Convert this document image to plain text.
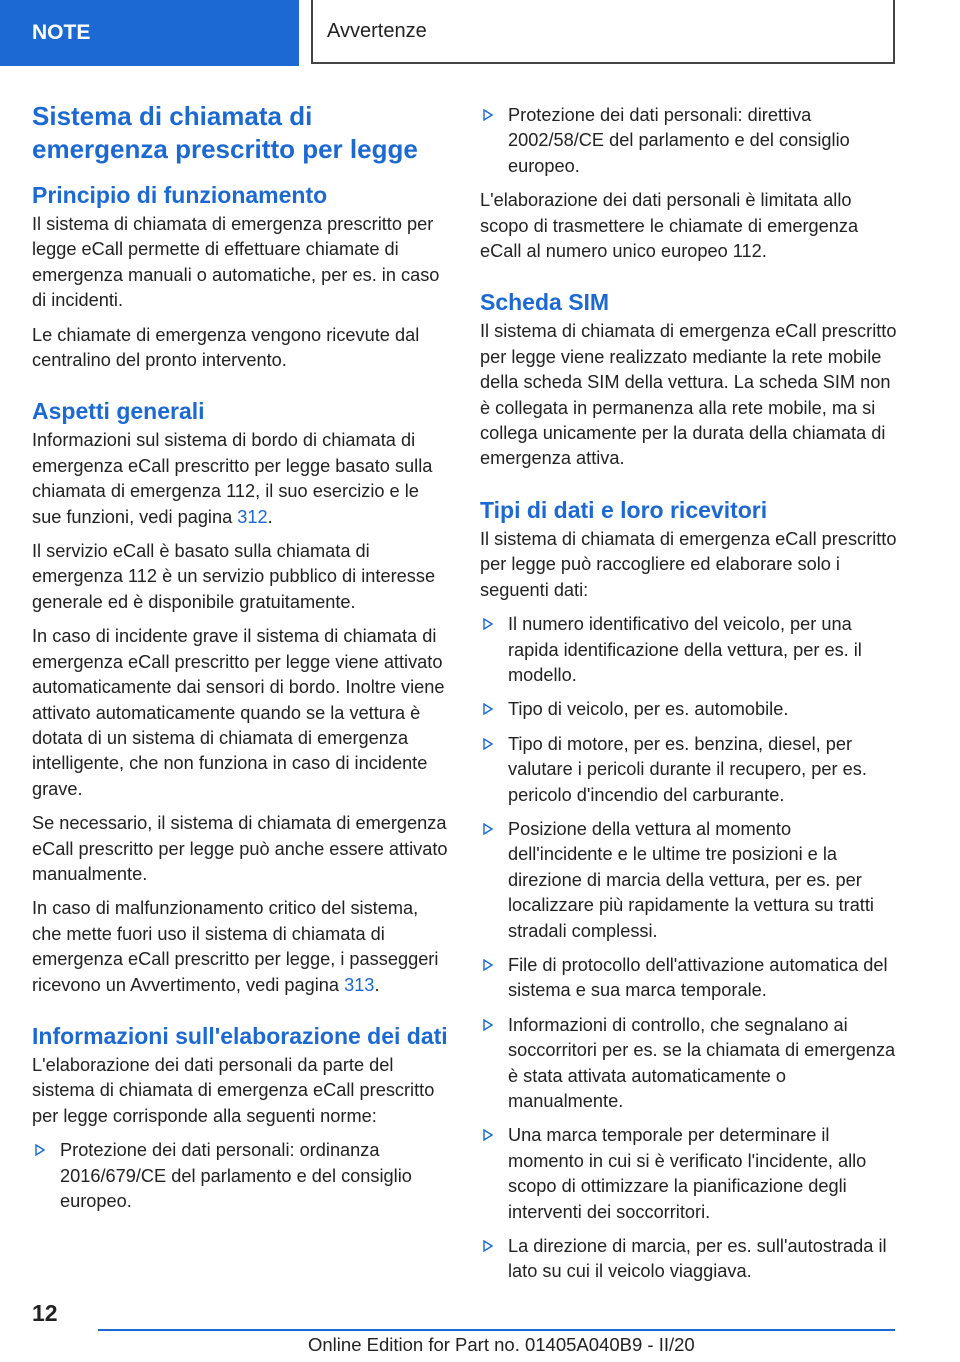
NOTE	Avvertenze
Sistema di chiamata di emergenza prescritto per legge
Principio di funzionamento

Il sistema di chiamata di emergenza prescritto per legge eCall permette di effettuare chiamate di emergenza manuali o automatiche, per es. in caso di incidenti.

Le chiamate di emergenza vengono ricevute dal centralino del pronto intervento.

Aspetti generali

Informazioni sul sistema di bordo di chiamata di emergenza eCall prescritto per legge basato sulla chiamata di emergenza 112, il suo esercizio e le sue funzioni, vedi pagina 312.

Il servizio eCall è basato sulla chiamata di emergenza 112 è un servizio pubblico di interesse generale ed è disponibile gratuitamente.

In caso di incidente grave il sistema di chiamata di emergenza eCall prescritto per legge viene attivato automaticamente dai sensori di bordo. Inoltre viene attivato automaticamente quando se la vettura è dotata di un sistema di chiamata di emergenza intelligente, che non funziona in caso di incidente grave.

Se necessario, il sistema di chiamata di emergenza eCall prescritto per legge può anche essere attivato manualmente.

In caso di malfunzionamento critico del sistema, che mette fuori uso il sistema di chiamata di emergenza eCall prescritto per legge, i passeggeri ricevono un Avvertimento, vedi pagina 313.

Informazioni sull'elaborazione dei dati

L'elaborazione dei dati personali da parte del sistema di chiamata di emergenza eCall prescritto per legge corrisponde alla seguenti norme:

Protezione dei dati personali: ordinanza 2016/679/CE del parlamento e del consiglio europeo.
Protezione dei dati personali: direttiva 2002/58/CE del parlamento e del consiglio europeo.

L'elaborazione dei dati personali è limitata allo scopo di trasmettere le chiamate di emergenza eCall al numero unico europeo 112.

Scheda SIM

Il sistema di chiamata di emergenza eCall prescritto per legge viene realizzato mediante la rete mobile della scheda SIM della vettura. La scheda SIM non è collegata in permanenza alla rete mobile, ma si collega unicamente per la durata della chiamata di emergenza attiva.

Tipi di dati e loro ricevitori

Il sistema di chiamata di emergenza eCall prescritto per legge può raccogliere ed elaborare solo i seguenti dati:

Il numero identificativo del veicolo, per una rapida identificazione della vettura, per es. il modello.
Tipo di veicolo, per es. automobile.
Tipo di motore, per es. benzina, diesel, per valutare i pericoli durante il recupero, per es. pericolo d'incendio del carburante.
Posizione della vettura al momento dell'incidente e le ultime tre posizioni e la direzione di marcia della vettura, per es. per localizzare più rapidamente la vettura su tratti stradali complessi.
File di protocollo dell'attivazione automatica del sistema e sua marca temporale.
Informazioni di controllo, che segnalano ai soccorritori per es. se la chiamata di emergenza è stata attivata automaticamente o manualmente.
Una marca temporale per determinare il momento in cui si è verificato l'incidente, allo scopo di ottimizzare la pianificazione degli interventi dei soccorritori.
La direzione di marcia, per es. sull'autostrada il lato su cui il veicolo viaggiava.
12
Online Edition for Part no. 01405A040B9 - II/20
